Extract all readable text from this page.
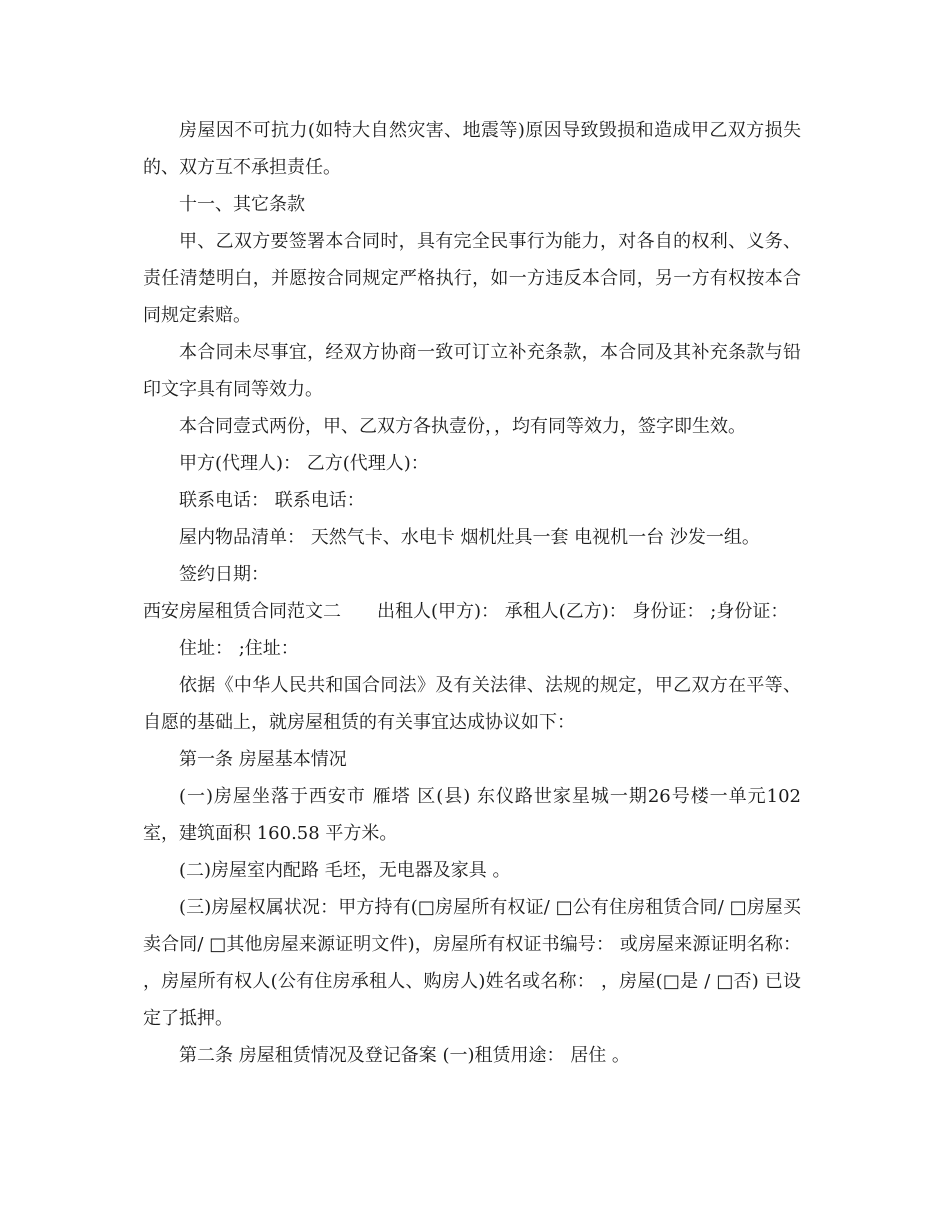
房屋因不可抗力(如特大自然灾害、地震等)原因导致毁损和造成甲乙双方损失的、双方互不承担责任。

十一、其它条款

甲、乙双方要签署本合同时，具有完全民事行为能力，对各自的权利、义务、责任清楚明白，并愿按合同规定严格执行，如一方违反本合同，另一方有权按本合同规定索赔。

本合同未尽事宜，经双方协商一致可订立补充条款，本合同及其补充条款与铅印文字具有同等效力。

本合同壹式两份，甲、乙双方各执壹份，，均有同等效力，签字即生效。

甲方(代理人)： 乙方(代理人)：

联系电话： 联系电话：

屋内物品清单： 天然气卡、水电卡 烟机灶具一套 电视机一台 沙发一组。

签约日期：

西安房屋租赁合同范文二　　出租人(甲方)： 承租人(乙方)： 身份证： ;身份证：

住址： ;住址：

依据《中华人民共和国合同法》及有关法律、法规的规定，甲乙双方在平等、自愿的基础上，就房屋租赁的有关事宜达成协议如下：

第一条 房屋基本情况

(一)房屋坐落于西安市 雁塔 区(县) 东仪路世家星城一期26号楼一单元102室，建筑面积 160.58 平方米。

(二)房屋室内配路 毛坯，无电器及家具 。

(三)房屋权属状况：甲方持有(□房屋所有权证/ □公有住房租赁合同/ □房屋买卖合同/ □其他房屋来源证明文件)，房屋所有权证书编号： 或房屋来源证明名称： ，房屋所有权人(公有住房承租人、购房人)姓名或名称： ，房屋(□是 / □否) 已设定了抵押。

第二条 房屋租赁情况及登记备案 (一)租赁用途： 居住 。
